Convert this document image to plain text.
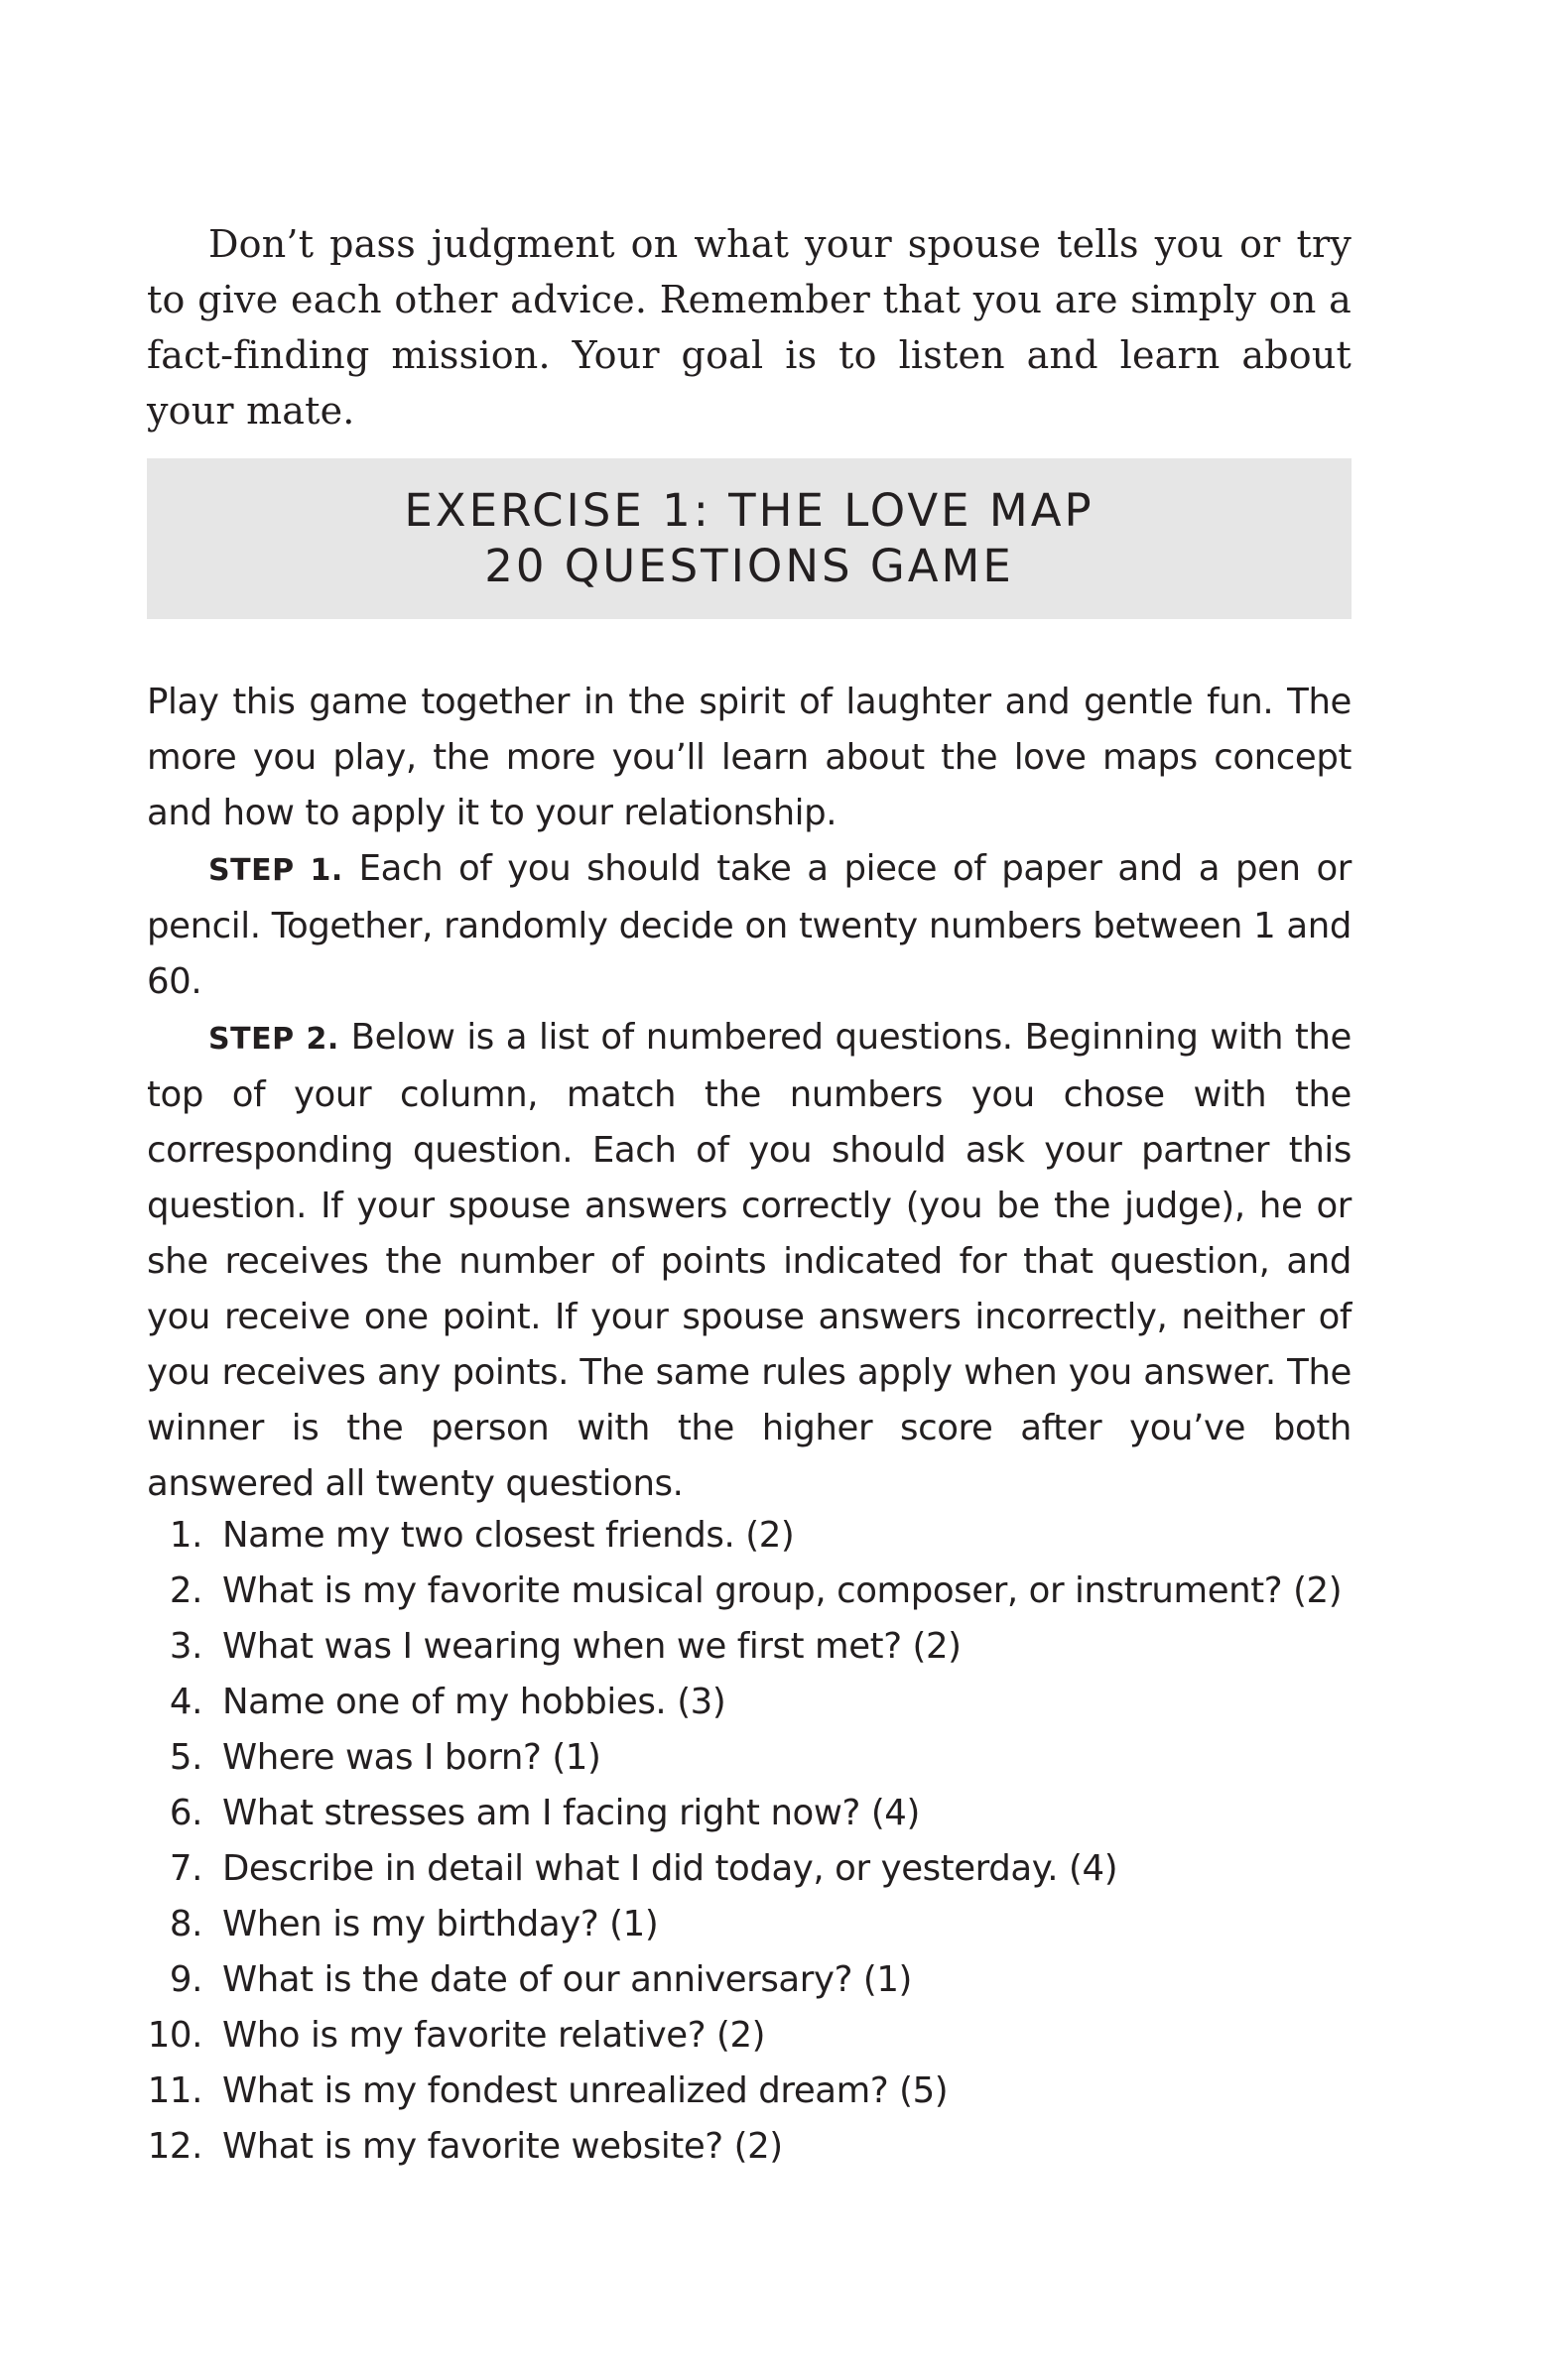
Don’t pass judgment on what your spouse tells you or try to give each other advice. Remember that you are simply on a fact-finding mission. Your goal is to listen and learn about your mate.

EXERCISE 1: THE LOVE MAP
20 QUESTIONS GAME

Play this game together in the spirit of laughter and gentle fun. The more you play, the more you’ll learn about the love maps concept and how to apply it to your relationship.

STEP 1. Each of you should take a piece of paper and a pen or pencil. Together, randomly decide on twenty numbers between 1 and 60.

STEP 2. Below is a list of numbered questions. Beginning with the top of your column, match the numbers you chose with the corresponding question. Each of you should ask your partner this question. If your spouse answers correctly (you be the judge), he or she receives the number of points indicated for that question, and you receive one point. If your spouse answers incorrectly, neither of you receives any points. The same rules apply when you answer. The winner is the person with the higher score after you’ve both answered all twenty questions.

1. Name my two closest friends. (2)
2. What is my favorite musical group, composer, or instrument? (2)
3. What was I wearing when we first met? (2)
4. Name one of my hobbies. (3)
5. Where was I born? (1)
6. What stresses am I facing right now? (4)
7. Describe in detail what I did today, or yesterday. (4)
8. When is my birthday? (1)
9. What is the date of our anniversary? (1)
10. Who is my favorite relative? (2)
11. What is my fondest unrealized dream? (5)
12. What is my favorite website? (2)
